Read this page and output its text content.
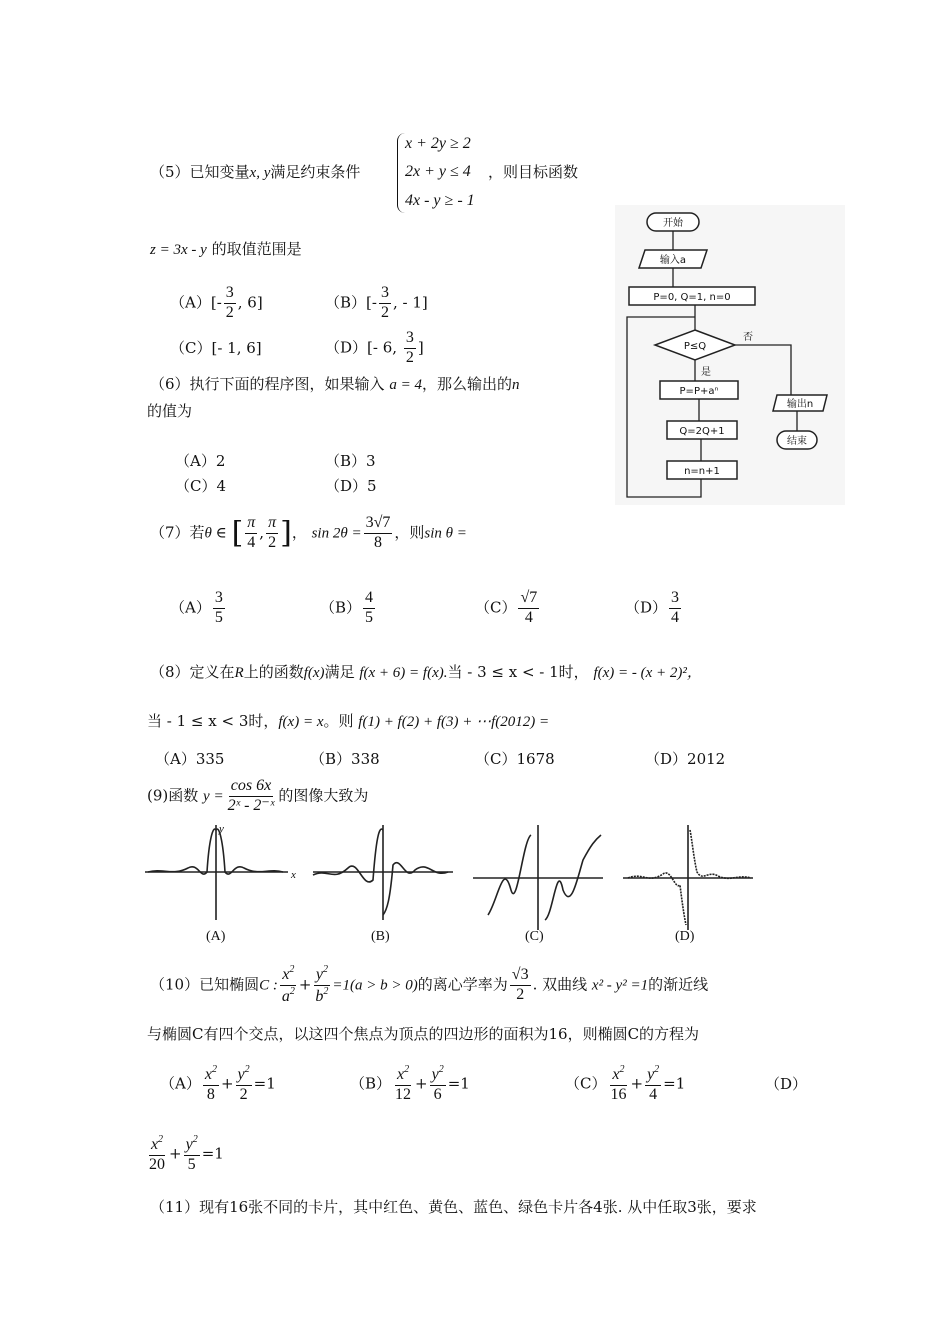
（5）已知变量x, y满足约束条件
x + 2y ≥ 2
2x + y ≤ 4
4x - y ≥ - 1
，则目标函数
z = 3x - y 的取值范围是
$(A)[- \frac{3}{2}$ , 6]	$(B)[- \frac{3}{2}$ , - 1]
（C）[- 1, 6]	（D）[- 6, $\frac{3}{2}$ ]
（6）执行下面的程序图，如果输入 a = 4，那么输出的n
的值为
（A）2	（B）3
（C）4	（D）5
开始
输入a
P=0, Q=1, n=0
P≤Q
否
是
P=P+aⁿ
Q=2Q+1
n=n+1
输出n
结束
（7）若θ ∈ [ $\frac{\pi}{4}$ , $\frac{\pi}{2}$ ]， $\sin 2\theta = \frac{3√7}{8}$ ，则sin θ =
$(A) \frac{3}{5}$	$(B) \frac{4}{5}$	$(C) \frac{√7}{4}$	$(D) \frac{3}{4}$
（8）定义在R上的函数f(x)满足 f(x + 6) = f(x).当 - 3 ≤ x < - 1时， f(x) = - (x + 2)²，
当 - 1 ≤ x < 3时，f(x) = x。则 f(1) + f(2) + f(3) + ⋯f(2012) =
（A）335	（B）338	（C）1678	（D）2012
(9)函数 $y = \frac{\cos 6x}{\text{2ˣ - 2⁻ˣ}}$ 的图像大致为
(A)	(B)	(C)	(D)
x
y
（10）已知椭圆C : $\frac{x^2}{a^2} + \frac{y^2}{b^2} =1(a > b > 0)$的离心学率为 $\frac{√3}{2}$ . 双曲线 x² - y² =1的渐近线
与椭圆C有四个交点，以这四个焦点为顶点的四边形的面积为16，则椭圆C的方程为
$(A) \frac{x^2}{8} + \frac{y^2}{2} =1$	$(B) \frac{x^2}{12} + \frac{y^2}{6} =1$	$(C) \frac{x^2}{16} + \frac{y^2}{4} =1$	（D）
$\frac{x^2}{20} + \frac{y^2}{5} =1$
（11）现有16张不同的卡片，其中红色、黄色、蓝色、绿色卡片各4张. 从中任取3张，要求
